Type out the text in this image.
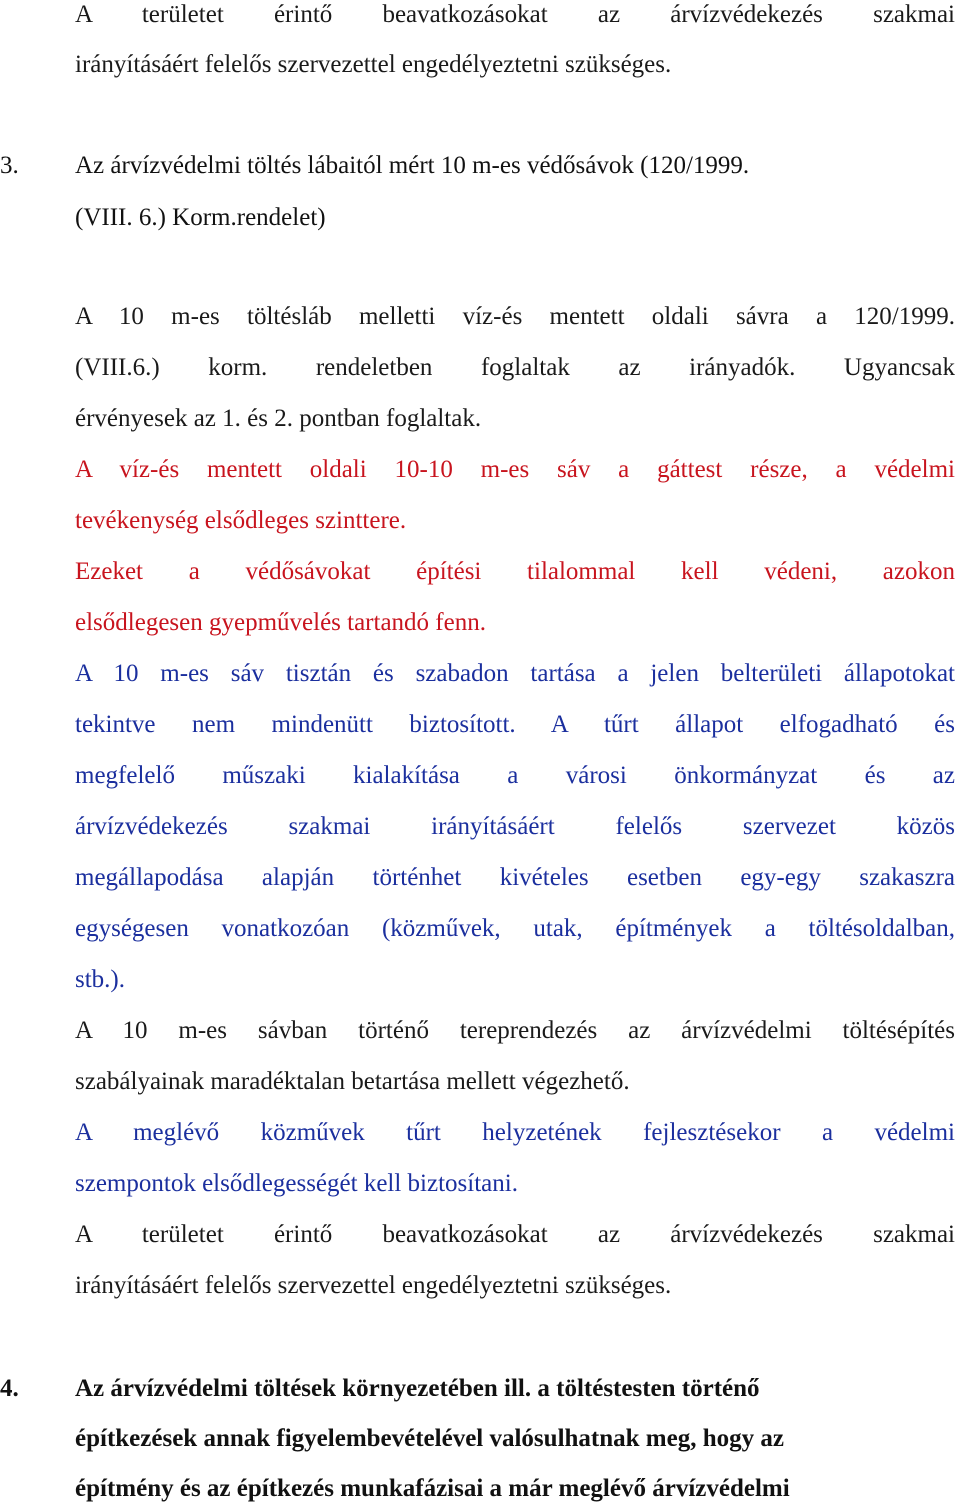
A területet érintő beavatkozásokat az árvízvédekezés szakmai
irányításáért felelős szervezettel engedélyeztetni szükséges.
3. Az árvízvédelmi töltés lábaitól mért 10 m-es védősávok (120/1999.
(VIII. 6.) Korm.rendelet)
A 10 m-es töltésláb melletti víz-és mentett oldali sávra a 120/1999.
(VIII.6.) korm. rendeletben foglaltak az irányadók. Ugyancsak
érvényesek az 1. és 2. pontban foglaltak.
A víz-és mentett oldali 10-10 m-es sáv a gáttest része, a védelmi
tevékenység elsődleges szinttere.
Ezeket a védősávokat építési tilalommal kell védeni, azokon
elsődlegesen gyepművelés tartandó fenn.
A 10 m-es sáv tisztán és szabadon tartása a jelen belterületi állapotokat
tekintve nem mindenütt biztosított. A tűrt állapot elfogadható és
megfelelő műszaki kialakítása a városi önkormányzat és az
árvízvédekezés szakmai irányításáért felelős szervezet közös
megállapodása alapján történhet kivételes esetben egy-egy szakaszra
egységesen vonatkozóan (közművek, utak, építmények a töltésoldalban,
stb.).
A 10 m-es sávban történő tereprendezés az árvízvédelmi töltésépítés
szabályainak maradéktalan betartása mellett végezhető.
A meglévő közművek tűrt helyzetének fejlesztésekor a védelmi
szempontok elsődlegességét kell biztosítani.
A területet érintő beavatkozásokat az árvízvédekezés szakmai
irányításáért felelős szervezettel engedélyeztetni szükséges.
4. Az árvízvédelmi töltések környezetében ill. a töltéstesten történő
építkezések annak figyelembevételével valósulhatnak meg, hogy az
építmény és az építkezés munkafázisai a már meglévő árvízvédelmi
